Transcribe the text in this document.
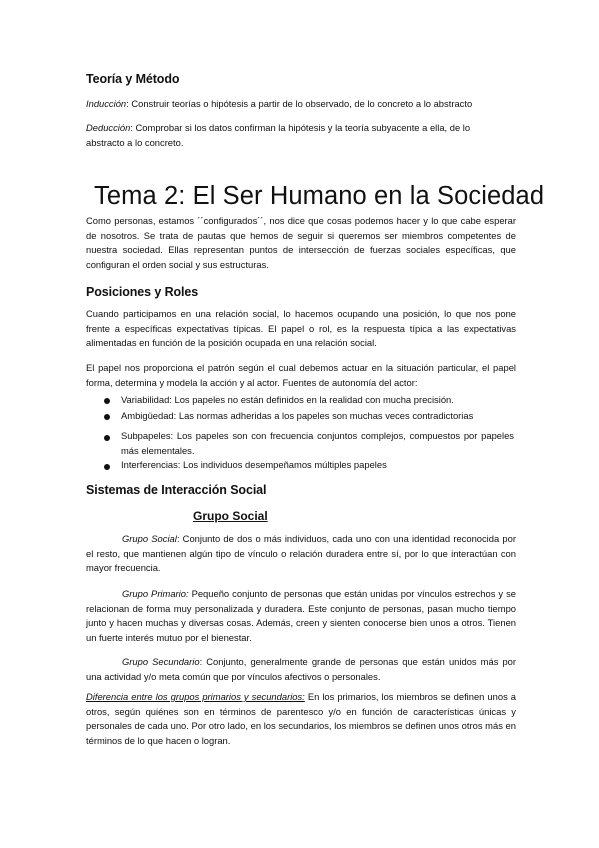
Teoría y Método
Inducción: Construir teorías o hipótesis a partir de lo observado, de lo concreto a lo abstracto
Deducción: Comprobar si los datos confirman la hipótesis y la teoría subyacente a ella, de lo abstracto a lo concreto.
Tema 2: El Ser Humano en la Sociedad
Como personas, estamos ´´configurados´´, nos dice que cosas podemos hacer y lo que cabe esperar de nosotros. Se trata de pautas que hemos de seguir si queremos ser miembros competentes de nuestra sociedad. Ellas representan puntos de intersección de fuerzas sociales específicas, que configuran el orden social y sus estructuras.
Posiciones y Roles
Cuando participamos en una relación social, lo hacemos ocupando una posición, lo que nos pone frente a específicas expectativas típicas. El papel o rol, es la respuesta típica a las expectativas alimentadas en función de la posición ocupada en una relación social.
El papel nos proporciona el patrón según el cual debemos actuar en la situación particular, el papel forma, determina y modela la acción y al actor. Fuentes de autonomía del actor:
Variabilidad: Los papeles no están definidos en la realidad con mucha precisión.
Ambigüedad: Las normas adheridas a los papeles son muchas veces contradictorias
Subpapeles: Los papeles son con frecuencia conjuntos complejos, compuestos por papeles más elementales.
Interferencias: Los individuos desempeñamos múltiples papeles
Sistemas de Interacción Social
Grupo Social
Grupo Social: Conjunto de dos o más individuos, cada uno con una identidad reconocida por el resto, que mantienen algún tipo de vínculo o relación duradera entre sí, por lo que interactúan con mayor frecuencia.
Grupo Primario: Pequeño conjunto de personas que están unidas por vínculos estrechos y se relacionan de forma muy personalizada y duradera. Este conjunto de personas, pasan mucho tiempo junto y hacen muchas y diversas cosas. Además, creen y sienten conocerse bien unos a otros. Tienen un fuerte interés mutuo por el bienestar.
Grupo Secundario: Conjunto, generalmente grande de personas que están unidos más por una actividad y/o meta común que por vínculos afectivos o personales.
Diferencia entre los grupos primarios y secundarios: En los primarios, los miembros se definen unos a otros, según quiénes son en términos de parentesco y/o en función de características únicas y personales de cada uno. Por otro lado, en los secundarios, los miembros se definen unos otros más en términos de lo que hacen o logran.
